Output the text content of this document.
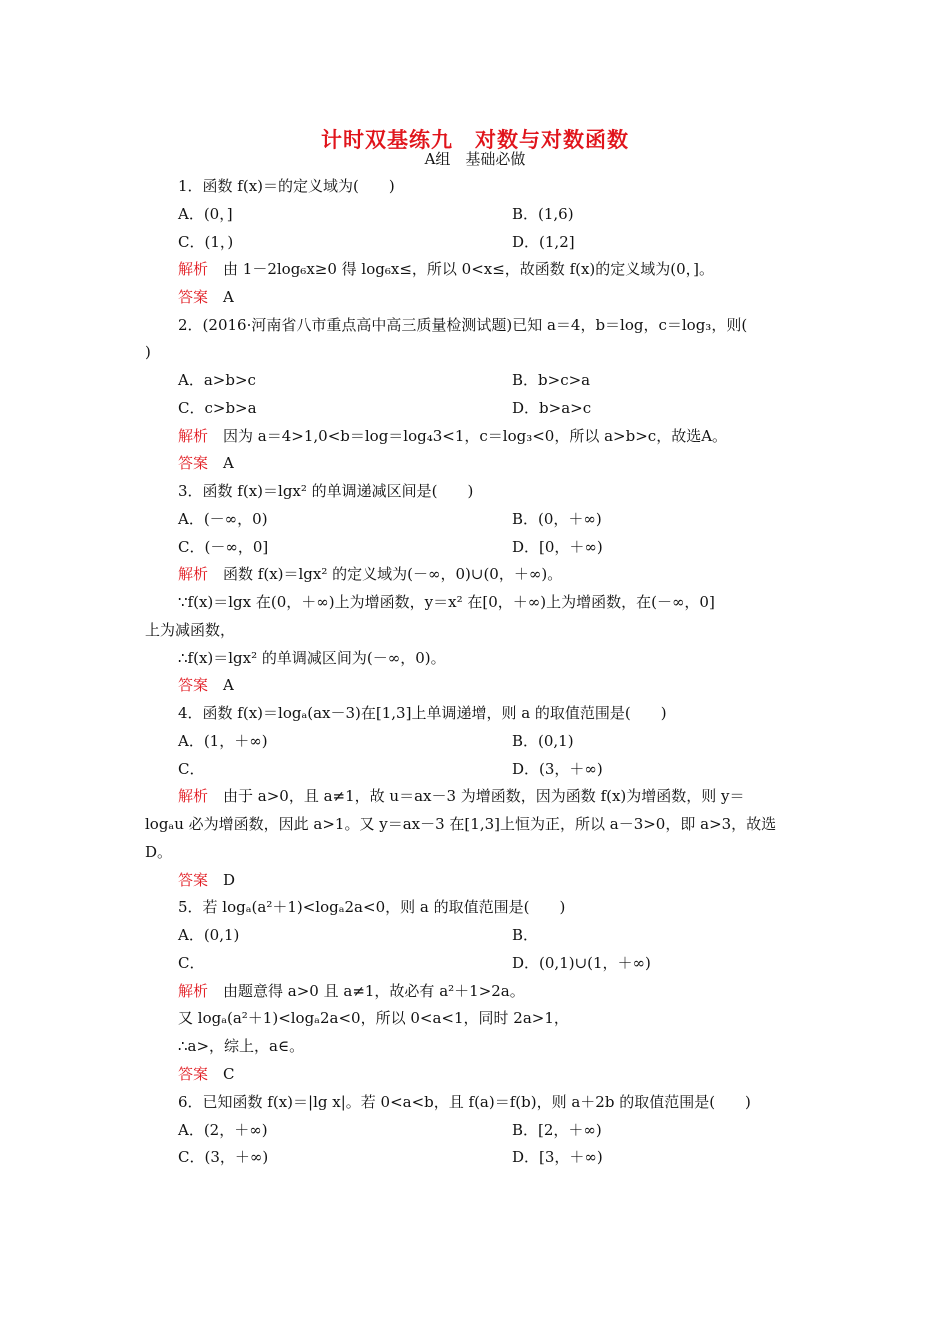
计时双基练九　对数与对数函数
A组　基础必做
1．函数 f(x)＝的定义域为(　　)
A．(0，]	B．(1,6)
C．(1，)	D．(1,2]
解析　由 1－2log₆x≥0 得 log₆x≤，所以 0<x≤，故函数 f(x)的定义域为(0，]。
答案　A
2．(2016·河南省八市重点高中高三质量检测试题)已知 a＝4，b＝log，c＝log₃，则(
)
A．a>b>c	B．b>c>a
C．c>b>a	D．b>a>c
解析　因为 a＝4>1,0<b＝log＝log₄3<1，c＝log₃<0，所以 a>b>c，故选A。
答案　A
3．函数 f(x)＝lgx² 的单调递减区间是(　　)
A．(－∞，0)	B．(0，＋∞)
C．(－∞，0]	D．[0，＋∞)
解析　函数 f(x)＝lgx² 的定义域为(－∞，0)∪(0，＋∞)。
∵f(x)＝lgx 在(0，＋∞)上为增函数，y＝x² 在[0，＋∞)上为增函数，在(－∞，0]
上为减函数，
∴f(x)＝lgx² 的单调减区间为(－∞，0)。
答案　A
4．函数 f(x)＝logₐ(ax－3)在[1,3]上单调递增，则 a 的取值范围是(　　)
A．(1，＋∞)	B．(0,1)
C．	D．(3，＋∞)
解析　由于 a>0，且 a≠1，故 u＝ax－3 为增函数，因为函数 f(x)为增函数，则 y＝
logₐu 必为增函数，因此 a>1。又 y＝ax－3 在[1,3]上恒为正，所以 a－3>0，即 a>3，故选
D。
答案　D
5．若 logₐ(a²＋1)<logₐ2a<0，则 a 的取值范围是(　　)
A．(0,1)	B．
C．	D．(0,1)∪(1，＋∞)
解析　由题意得 a>0 且 a≠1，故必有 a²＋1>2a。
又 logₐ(a²＋1)<logₐ2a<0，所以 0<a<1，同时 2a>1，
∴a>，综上，a∈。
答案　C
6．已知函数 f(x)＝|lg x|。若 0<a<b，且 f(a)＝f(b)，则 a＋2b 的取值范围是(　　)
A．(2，＋∞)	B．[2，＋∞)
C．(3，＋∞)	D．[3，＋∞)
